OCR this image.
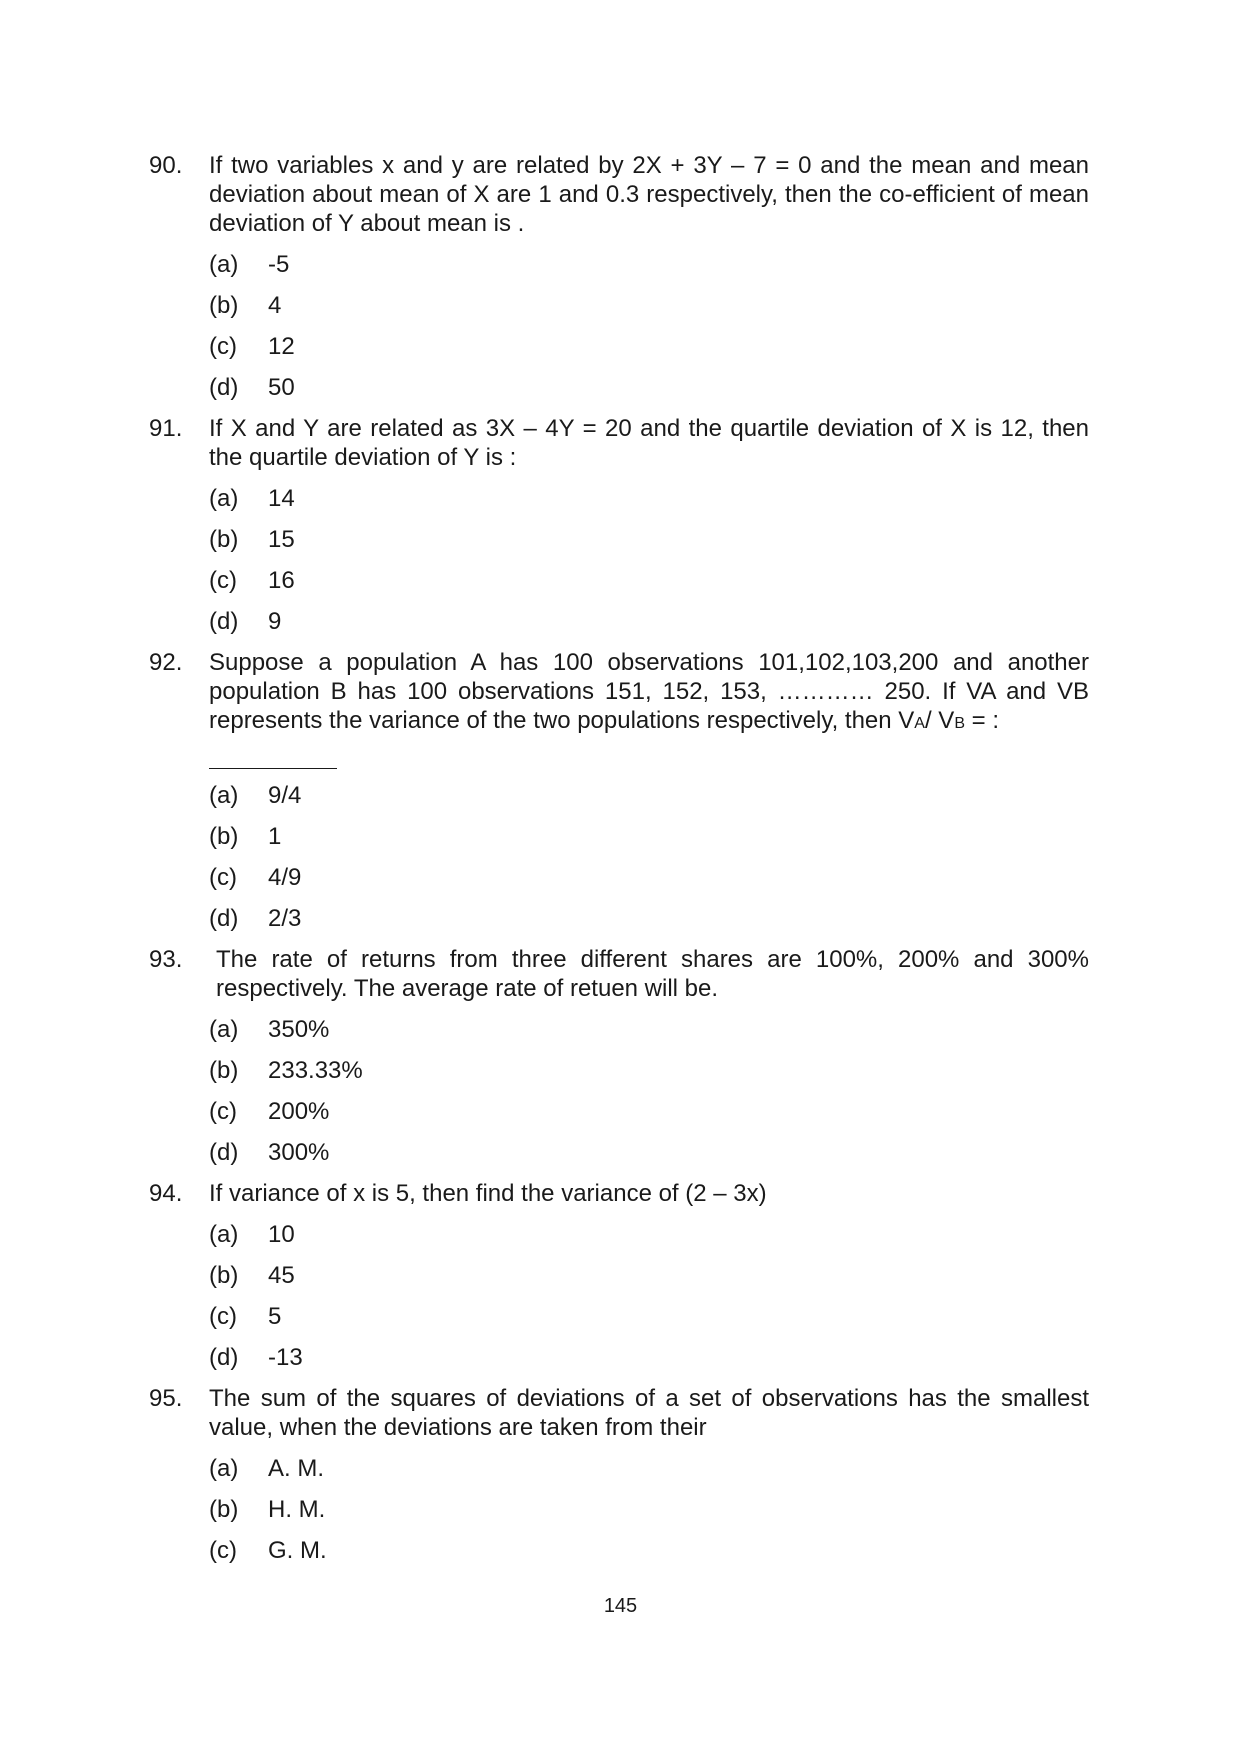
90.	If two variables x and y are related by 2X + 3Y – 7 = 0 and the mean and mean deviation about mean of X are 1 and 0.3 respectively, then the co-efficient of mean deviation of Y about mean is .
(a)	-5
(b)	4
(c)	12
(d)	50
91.	If X and Y are related as 3X – 4Y = 20 and the quartile deviation of X is 12, then the quartile deviation of Y is :
(a)	14
(b)	15
(c)	16
(d)	9
92.	Suppose a population A has 100 observations 101,102,103,200 and another population B has 100 observations 151, 152, 153, ………… 250. If VA and VB represents the variance of the two populations respectively, then VA/ VB = :
(a)	9/4
(b)	1
(c)	4/9
(d)	2/3
93.	The rate of returns from three different shares are 100%, 200% and 300% respectively. The average rate of retuen will be.
(a)	350%
(b)	233.33%
(c)	200%
(d)	300%
94.	If variance of x is 5, then find the variance of (2 – 3x)
(a)	10
(b)	45
(c)	5
(d)	-13
95.	The sum of the squares of deviations of a set of observations has the smallest value, when the deviations are taken from their
(a)	A. M.
(b)	H. M.
(c)	G. M.
145
